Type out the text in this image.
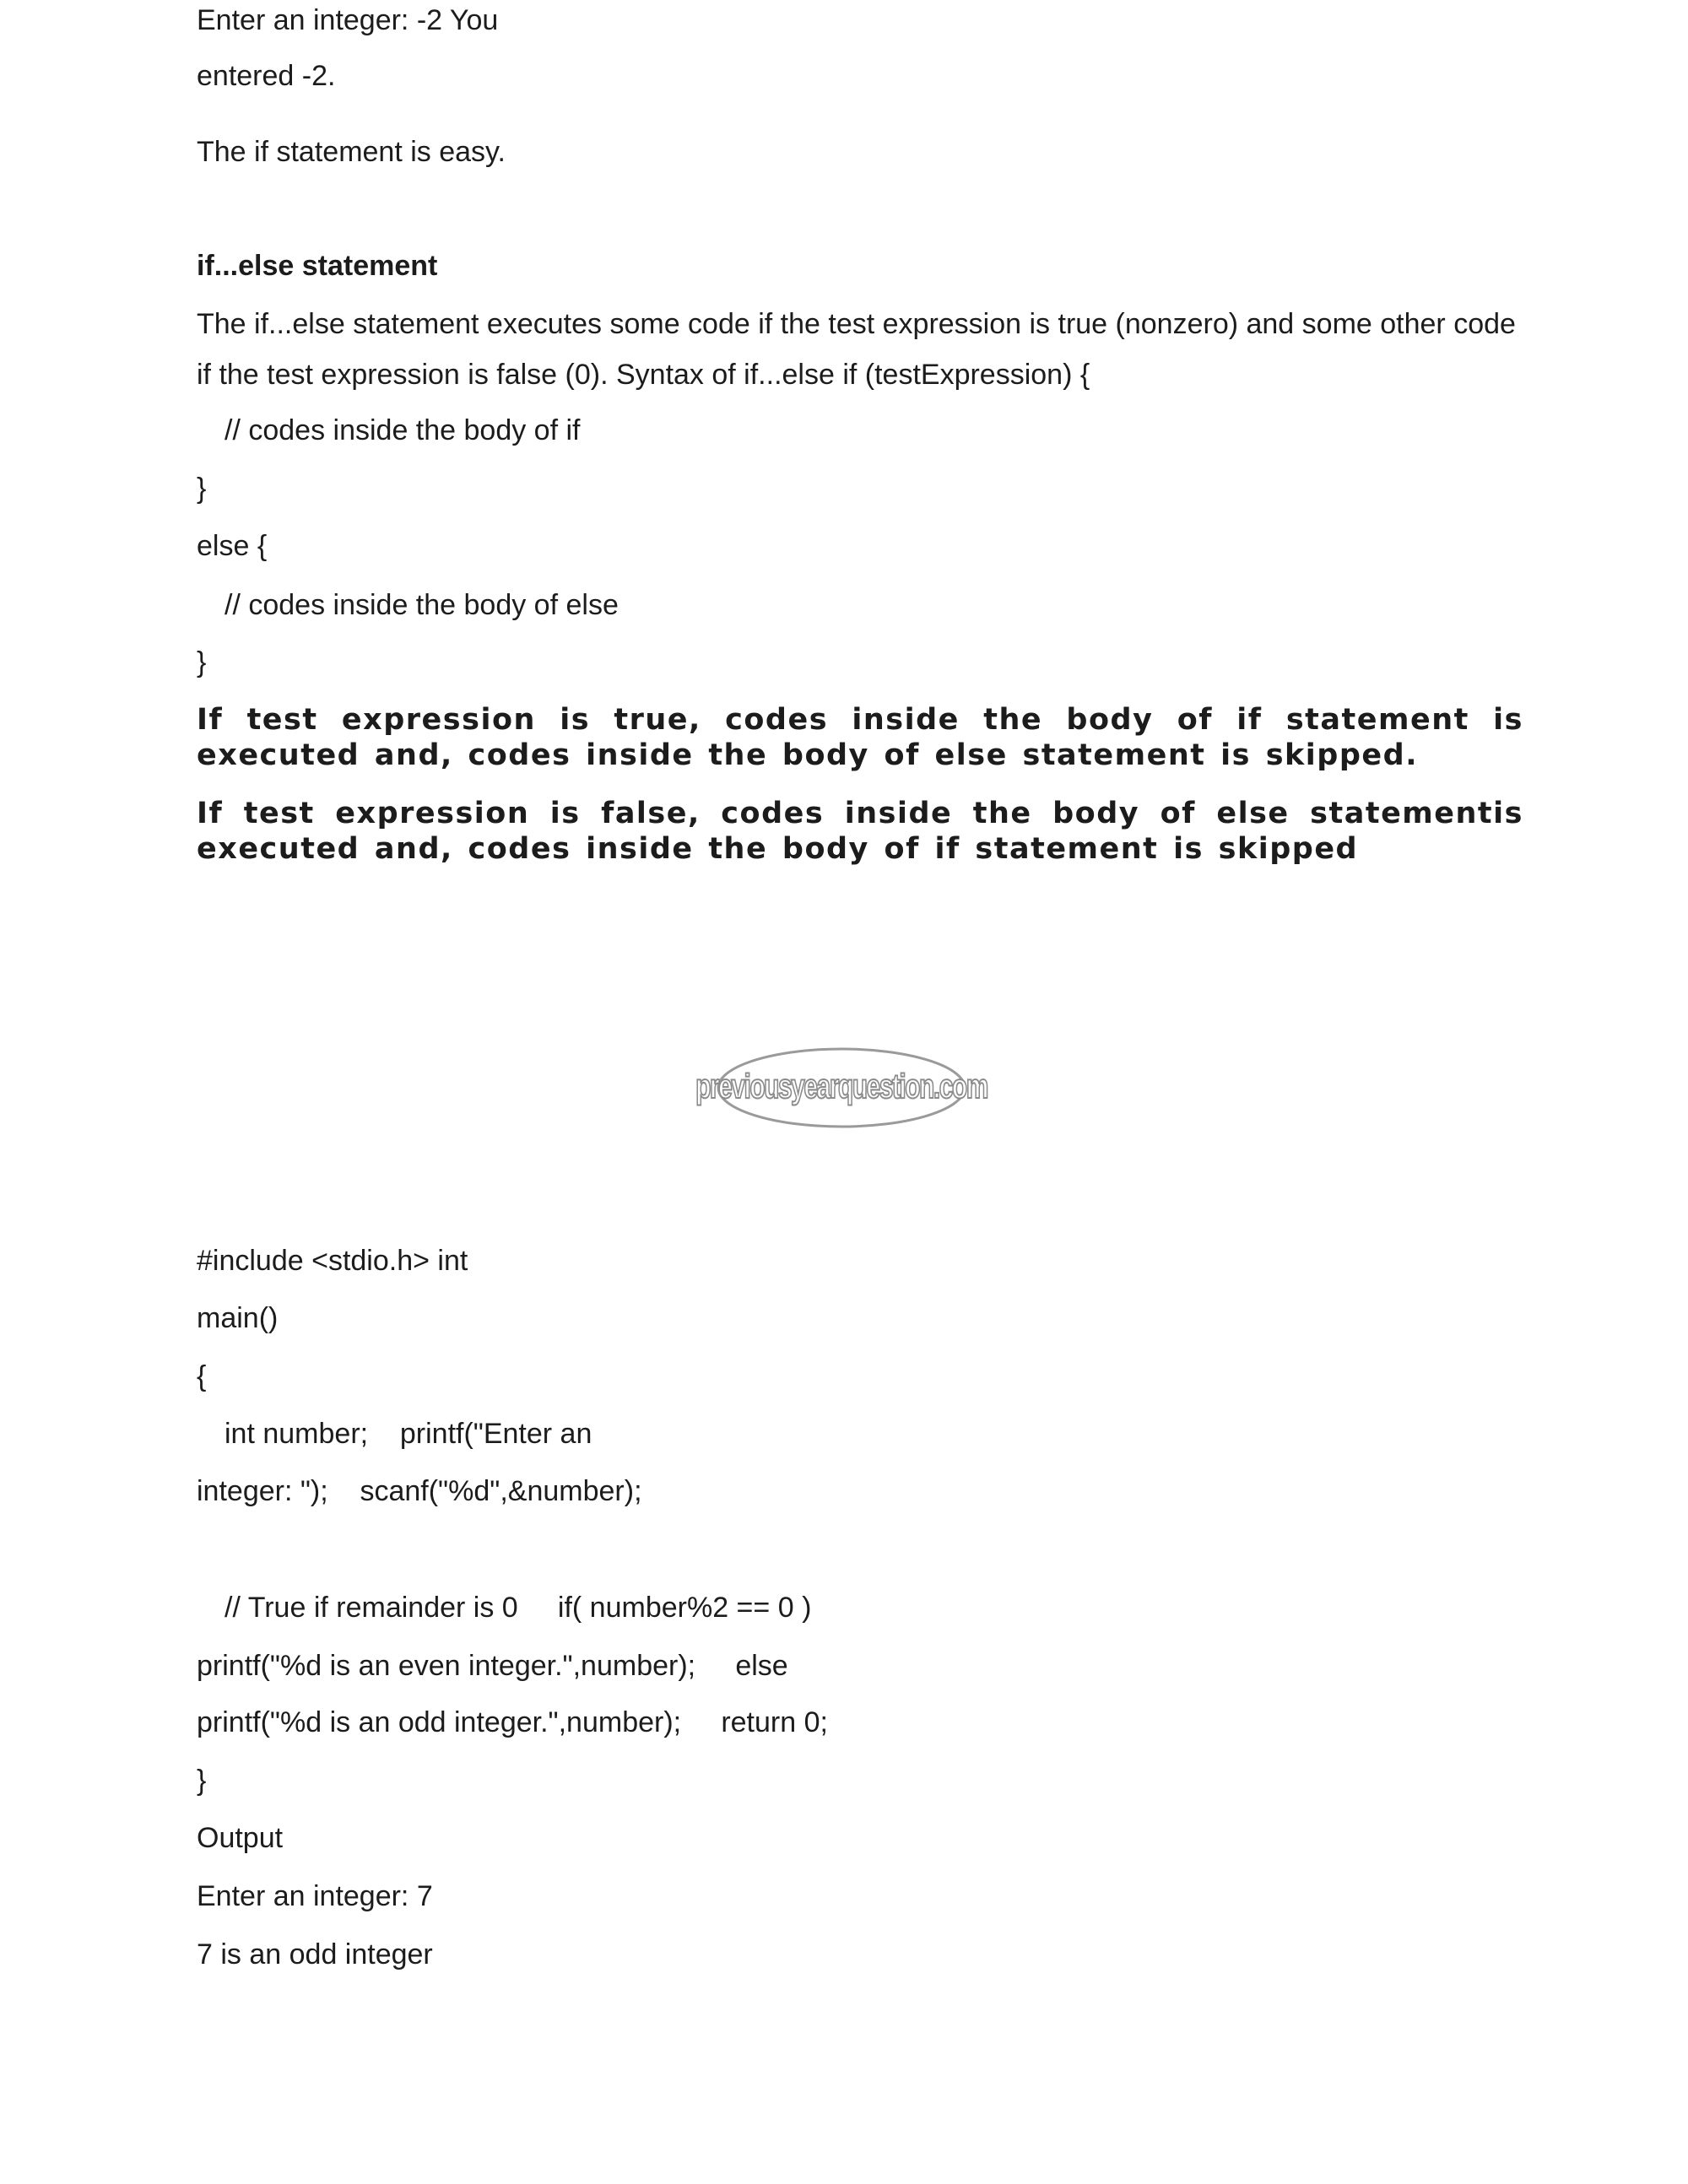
Enter an integer: -2 You

entered -2.

The if statement is easy.

if...else statement

The if...else statement executes some code if the test expression is true (nonzero) and some other code

if the test expression is false (0). Syntax of if...else if (testExpression) {

// codes inside the body of if

}

else {

// codes inside the body of else

}

If test expression is true, codes inside the body of if statement is executed and, codes inside the body of else statement is skipped.

If test expression is false, codes inside the body of else statementis executed and, codes inside the body of if statement is skipped

previousyearquestion.com

#include <stdio.h> int

main()

{

int number;    printf("Enter an

integer: ");    scanf("%d",&number);

// True if remainder is 0     if( number%2 == 0 )

printf("%d is an even integer.",number);     else

printf("%d is an odd integer.",number);     return 0;

}

Output

Enter an integer: 7

7 is an odd integer
